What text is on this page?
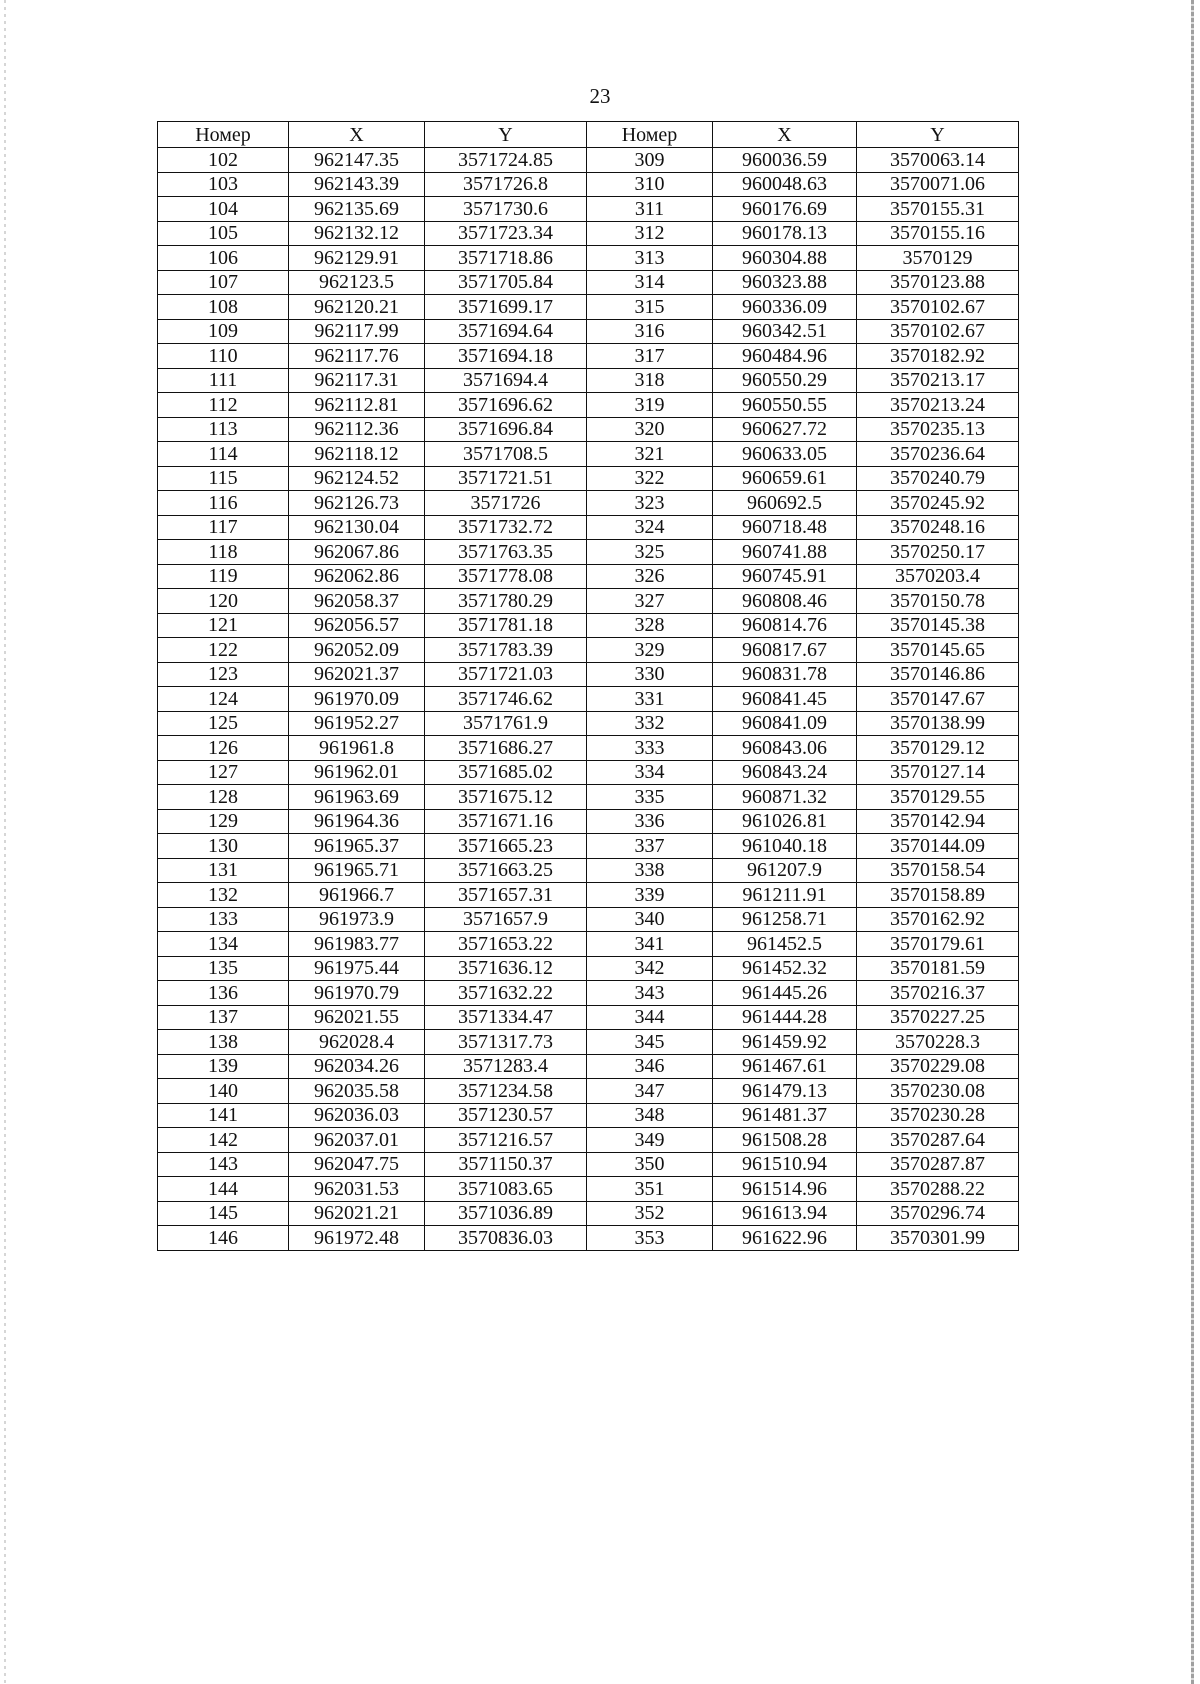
23
Номер	X	Y	Номер	X	Y
102	962147.35	3571724.85	309	960036.59	3570063.14
103	962143.39	3571726.8	310	960048.63	3570071.06
104	962135.69	3571730.6	311	960176.69	3570155.31
105	962132.12	3571723.34	312	960178.13	3570155.16
106	962129.91	3571718.86	313	960304.88	3570129
107	962123.5	3571705.84	314	960323.88	3570123.88
108	962120.21	3571699.17	315	960336.09	3570102.67
109	962117.99	3571694.64	316	960342.51	3570102.67
110	962117.76	3571694.18	317	960484.96	3570182.92
111	962117.31	3571694.4	318	960550.29	3570213.17
112	962112.81	3571696.62	319	960550.55	3570213.24
113	962112.36	3571696.84	320	960627.72	3570235.13
114	962118.12	3571708.5	321	960633.05	3570236.64
115	962124.52	3571721.51	322	960659.61	3570240.79
116	962126.73	3571726	323	960692.5	3570245.92
117	962130.04	3571732.72	324	960718.48	3570248.16
118	962067.86	3571763.35	325	960741.88	3570250.17
119	962062.86	3571778.08	326	960745.91	3570203.4
120	962058.37	3571780.29	327	960808.46	3570150.78
121	962056.57	3571781.18	328	960814.76	3570145.38
122	962052.09	3571783.39	329	960817.67	3570145.65
123	962021.37	3571721.03	330	960831.78	3570146.86
124	961970.09	3571746.62	331	960841.45	3570147.67
125	961952.27	3571761.9	332	960841.09	3570138.99
126	961961.8	3571686.27	333	960843.06	3570129.12
127	961962.01	3571685.02	334	960843.24	3570127.14
128	961963.69	3571675.12	335	960871.32	3570129.55
129	961964.36	3571671.16	336	961026.81	3570142.94
130	961965.37	3571665.23	337	961040.18	3570144.09
131	961965.71	3571663.25	338	961207.9	3570158.54
132	961966.7	3571657.31	339	961211.91	3570158.89
133	961973.9	3571657.9	340	961258.71	3570162.92
134	961983.77	3571653.22	341	961452.5	3570179.61
135	961975.44	3571636.12	342	961452.32	3570181.59
136	961970.79	3571632.22	343	961445.26	3570216.37
137	962021.55	3571334.47	344	961444.28	3570227.25
138	962028.4	3571317.73	345	961459.92	3570228.3
139	962034.26	3571283.4	346	961467.61	3570229.08
140	962035.58	3571234.58	347	961479.13	3570230.08
141	962036.03	3571230.57	348	961481.37	3570230.28
142	962037.01	3571216.57	349	961508.28	3570287.64
143	962047.75	3571150.37	350	961510.94	3570287.87
144	962031.53	3571083.65	351	961514.96	3570288.22
145	962021.21	3571036.89	352	961613.94	3570296.74
146	961972.48	3570836.03	353	961622.96	3570301.99
